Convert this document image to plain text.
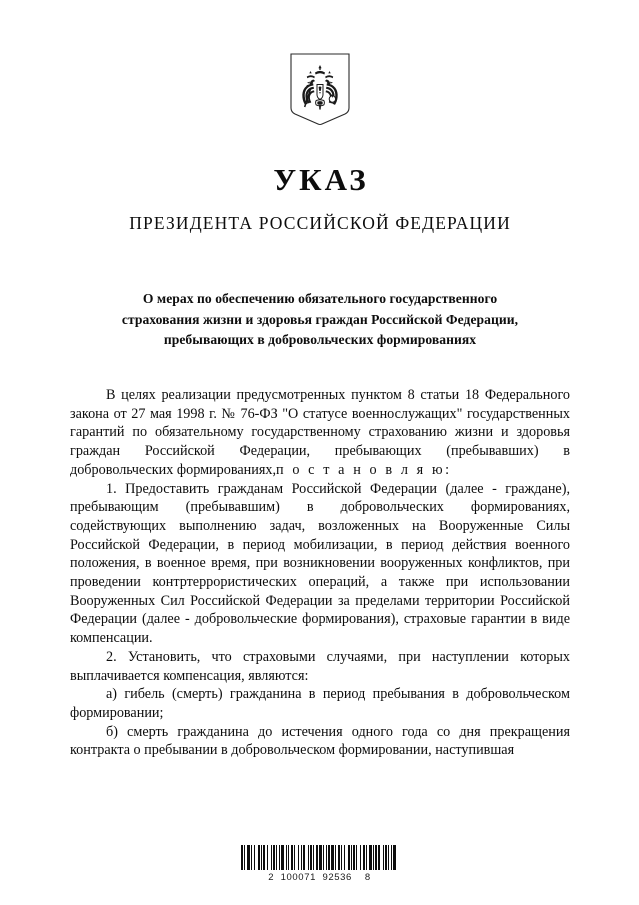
УКАЗ
ПРЕЗИДЕНТА РОССИЙСКОЙ ФЕДЕРАЦИИ
О мерах по обеспечению обязательного государственного
страхования жизни и здоровья граждан Российской Федерации,
пребывающих в добровольческих формированиях

В целях реализации предусмотренных пунктом 8 статьи 18 Федерального закона от 27 мая 1998 г. № 76-ФЗ "О статусе военнослужащих" государственных гарантий по обязательному государственному страхованию жизни и здоровья граждан Российской Федерации, пребывающих (пребывавших) в добровольческих формированиях,п о с т а н о в л я ю:

1. Предоставить гражданам Российской Федерации (далее - граждане), пребывающим (пребывавшим) в добровольческих формированиях, содействующих выполнению задач, возложенных на Вооруженные Силы Российской Федерации, в период мобилизации, в период действия военного положения, в военное время, при возникновении вооруженных конфликтов, при проведении контртеррористических операций, а также при использовании Вооруженных Сил Российской Федерации за пределами территории Российской Федерации (далее - добровольческие формирования), страховые гарантии в виде компенсации.

2. Установить, что страховыми случаями, при наступлении которых выплачивается компенсация, являются:

а) гибель (смерть) гражданина в период пребывания в добровольческом формировании;

б) смерть гражданина до истечения одного года со дня прекращения контракта о пребывании в добровольческом формировании, наступившая

2  100071  92536    8
